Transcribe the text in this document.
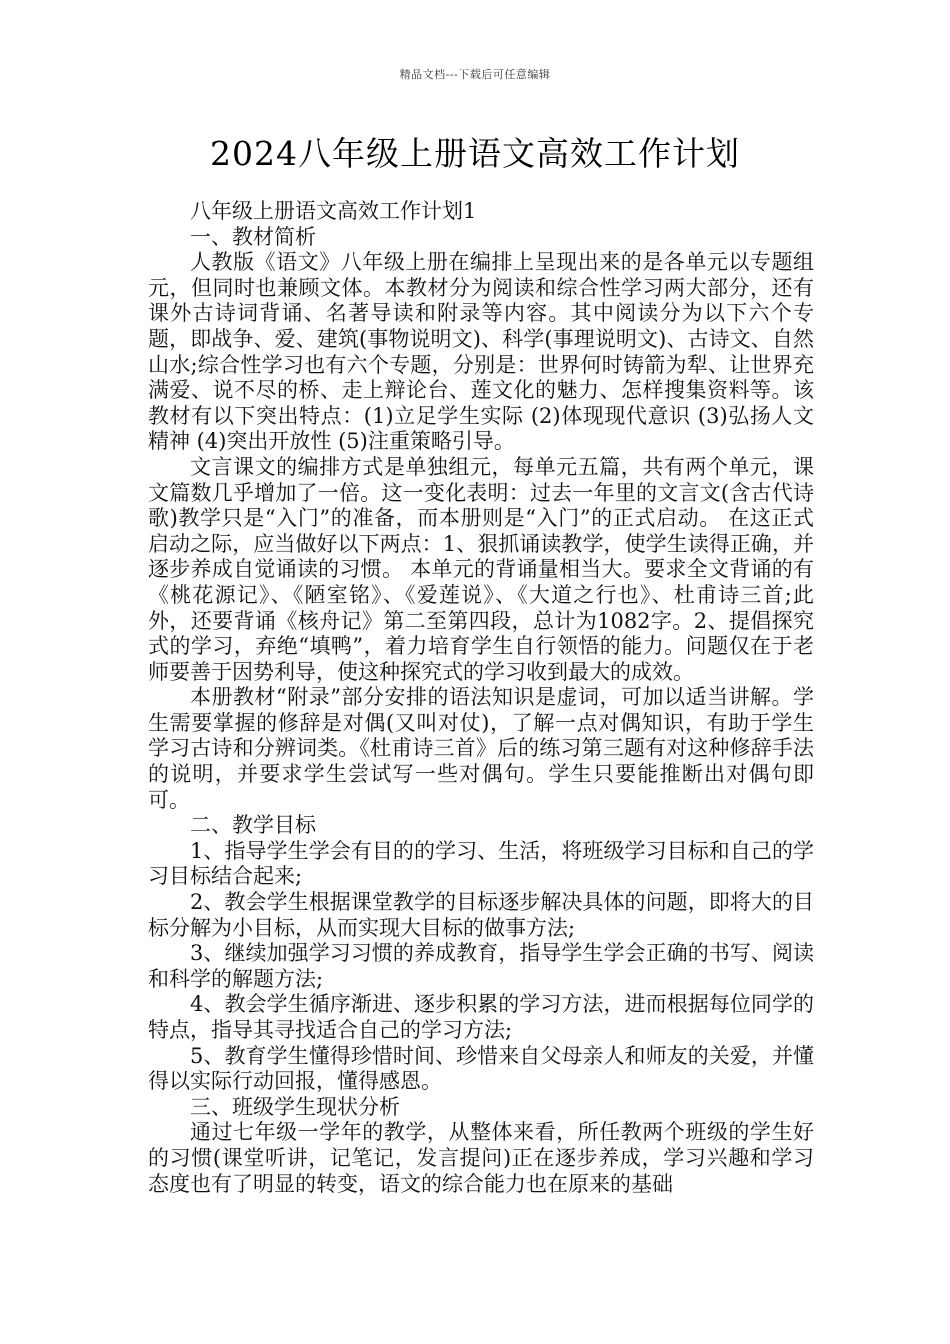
精品文档---下载后可任意编辑
2024八年级上册语文高效工作计划

八年级上册语文高效工作计划1

一、教材简析

人教版《语文》八年级上册在编排上呈现出来的是各单元以专题组元，但同时也兼顾文体。本教材分为阅读和综合性学习两大部分，还有课外古诗词背诵、名著导读和附录等内容。其中阅读分为以下六个专题，即战争、爱、建筑(事物说明文)、科学(事理说明文)、古诗文、自然山水;综合性学习也有六个专题，分别是：世界何时铸箭为犁、让世界充满爱、说不尽的桥、走上辩论台、莲文化的魅力、怎样搜集资料等。该教材有以下突出特点：(1)立足学生实际 (2)体现现代意识 (3)弘扬人文精神 (4)突出开放性 (5)注重策略引导。

文言课文的编排方式是单独组元，每单元五篇，共有两个单元，课文篇数几乎增加了一倍。这一变化表明：过去一年里的文言文(含古代诗歌)教学只是“入门”的准备，而本册则是“入门”的正式启动。 在这正式启动之际，应当做好以下两点：1、狠抓诵读教学，使学生读得正确，并逐步养成自觉诵读的习惯。 本单元的背诵量相当大。要求全文背诵的有《桃花源记》、《陋室铭》、《爱莲说》、《大道之行也》、杜甫诗三首;此外，还要背诵《核舟记》第二至第四段，总计为1082字。2、提倡探究式的学习，弃绝“填鸭”，着力培育学生自行领悟的能力。问题仅在于老师要善于因势利导，使这种探究式的学习收到最大的成效。

本册教材“附录”部分安排的语法知识是虚词，可加以适当讲解。学生需要掌握的修辞是对偶(又叫对仗)，了解一点对偶知识，有助于学生学习古诗和分辨词类。《杜甫诗三首》后的练习第三题有对这种修辞手法的说明，并要求学生尝试写一些对偶句。学生只要能推断出对偶句即可。

二、教学目标

1、指导学生学会有目的的学习、生活，将班级学习目标和自己的学习目标结合起来;

2、教会学生根据课堂教学的目标逐步解决具体的问题，即将大的目标分解为小目标，从而实现大目标的做事方法;

3、继续加强学习习惯的养成教育，指导学生学会正确的书写、阅读和科学的解题方法;

4、教会学生循序渐进、逐步积累的学习方法，进而根据每位同学的特点，指导其寻找适合自己的学习方法;

5、教育学生懂得珍惜时间、珍惜来自父母亲人和师友的关爱，并懂得以实际行动回报，懂得感恩。

三、班级学生现状分析

通过七年级一学年的教学，从整体来看，所任教两个班级的学生好的习惯(课堂听讲，记笔记，发言提问)正在逐步养成，学习兴趣和学习态度也有了明显的转变，语文的综合能力也在原来的基础
